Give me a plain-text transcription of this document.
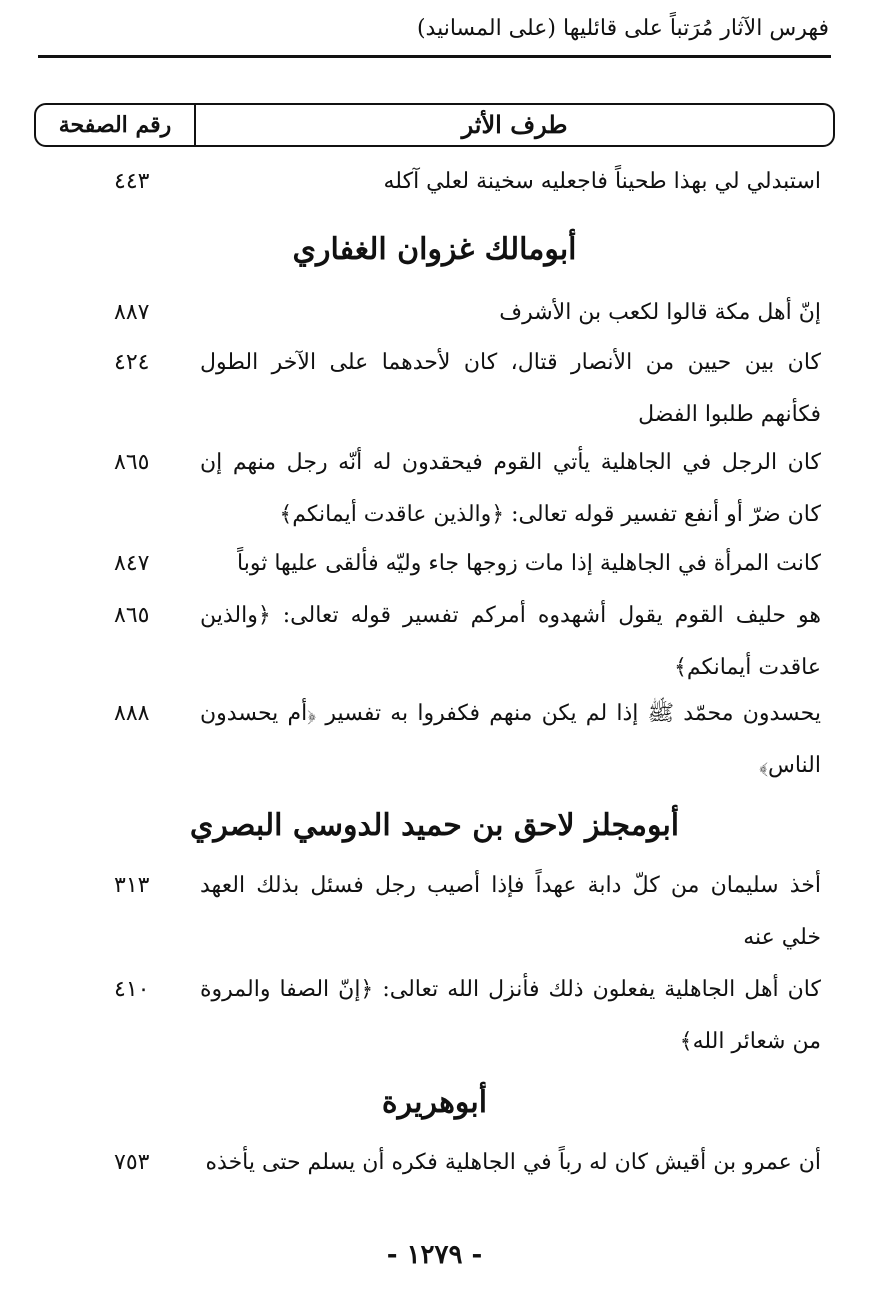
فهرس الآثار مُرَتباً على قائليها (على المسانيد)
طرف الأثر
رقم الصفحة
استبدلي لي بهذا طحيناً فاجعليه سخينة لعلي آكله
٤٤٣
أبومالك غزوان الغفاري
إنّ أهل مكة قالوا لكعب بن الأشرف
٨٨٧
كان بين حيين من الأنصار قتال، كان لأحدهما على الآخر الطول فكأنهم طلبوا الفضل
٤٢٤
كان الرجل في الجاهلية يأتي القوم فيحقدون له أنّه رجل منهم إن كان ضرّ أو أنفع تفسير قوله تعالى: ﴿والذين عاقدت أيمانكم﴾
٨٦٥
كانت المرأة في الجاهلية إذا مات زوجها جاء وليّه فألقى عليها ثوباً
٨٤٧
هو حليف القوم يقول أشهدوه أمركم تفسير قوله تعالى: ﴿والذين عاقدت أيمانكم﴾
٨٦٥
يحسدون محمّد ﷺ إذا لم يكن منهم فكفروا به تفسير ﴿أم يحسدون الناس﴾
٨٨٨
أبومجلز لاحق بن حميد الدوسي البصري
أخذ سليمان من كلّ دابة عهداً فإذا أصيب رجل فسئل بذلك العهد خلي عنه
٣١٣
كان أهل الجاهلية يفعلون ذلك فأنزل الله تعالى: ﴿إنّ الصفا والمروة من شعائر الله﴾
٤١٠
أبوهريرة
أن عمرو بن أقيش كان له رباً في الجاهلية فكره أن يسلم حتى يأخذه
٧٥٣
- ١٢٧٩ -
